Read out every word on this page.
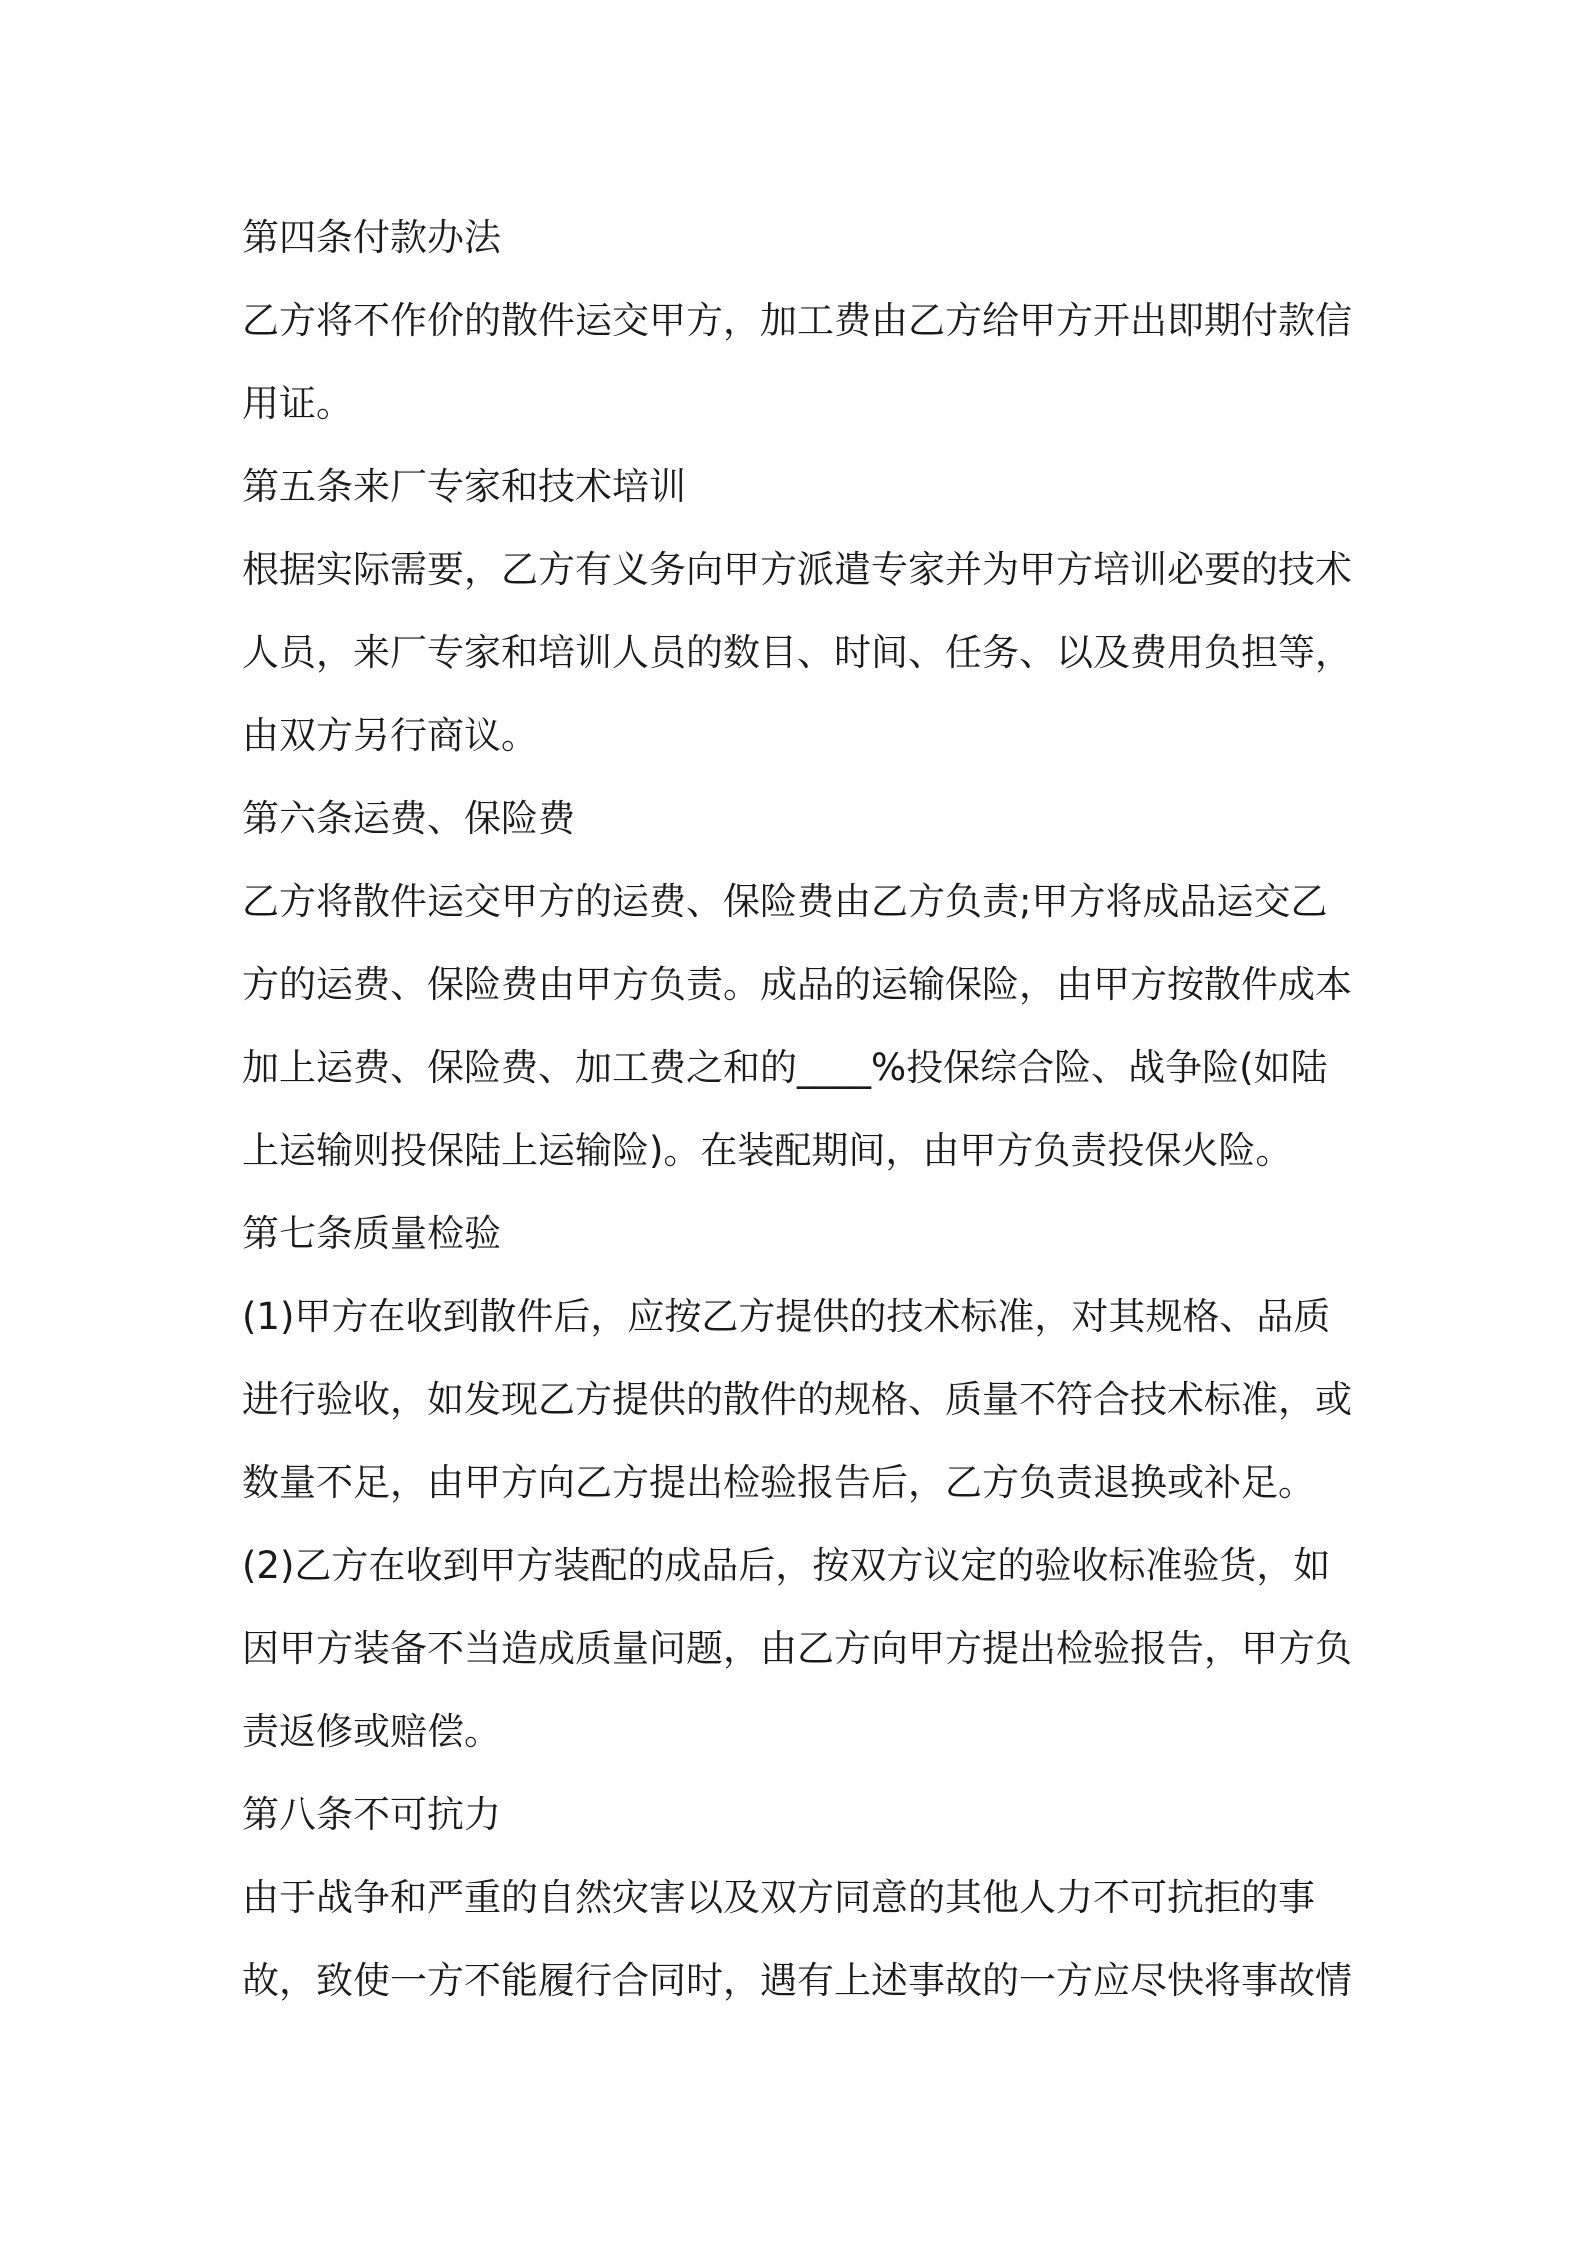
第四条付款办法

乙方将不作价的散件运交甲方，加工费由乙方给甲方开出即期付款信

用证。

第五条来厂专家和技术培训

根据实际需要，乙方有义务向甲方派遣专家并为甲方培训必要的技术

人员，来厂专家和培训人员的数目、时间、任务、以及费用负担等，

由双方另行商议。

第六条运费、保险费

乙方将散件运交甲方的运费、保险费由乙方负责;甲方将成品运交乙

方的运费、保险费由甲方负责。成品的运输保险，由甲方按散件成本

加上运费、保险费、加工费之和的____%投保综合险、战争险(如陆

上运输则投保陆上运输险)。在装配期间，由甲方负责投保火险。

第七条质量检验

(1)甲方在收到散件后，应按乙方提供的技术标准，对其规格、品质

进行验收，如发现乙方提供的散件的规格、质量不符合技术标准，或

数量不足，由甲方向乙方提出检验报告后，乙方负责退换或补足。

(2)乙方在收到甲方装配的成品后，按双方议定的验收标准验货，如

因甲方装备不当造成质量问题，由乙方向甲方提出检验报告，甲方负

责返修或赔偿。

第八条不可抗力

由于战争和严重的自然灾害以及双方同意的其他人力不可抗拒的事

故，致使一方不能履行合同时，遇有上述事故的一方应尽快将事故情
